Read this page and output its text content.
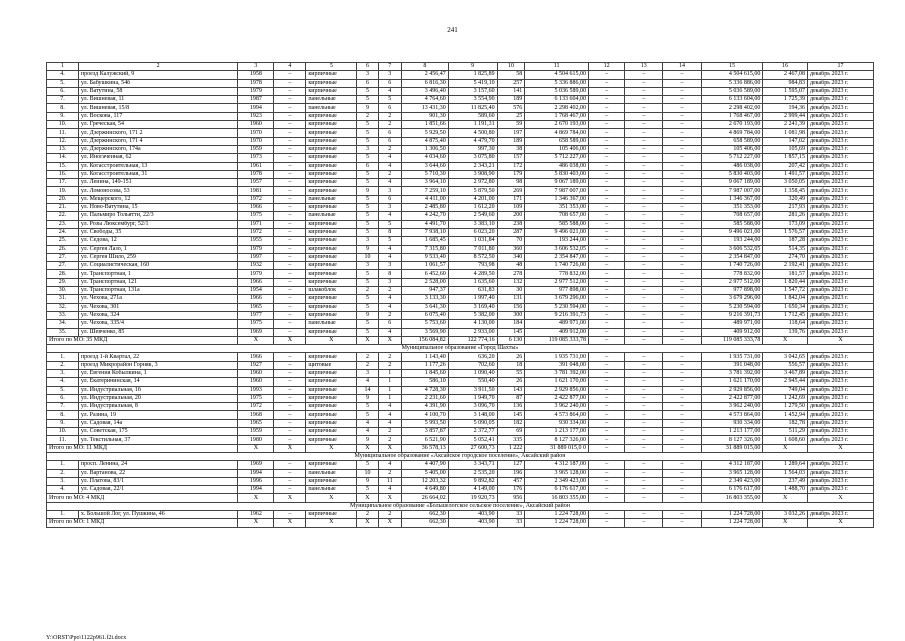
241
1	2	3	4	5	6	7	8	9	10	11	12	13	14	15	16	17
4.	проезд Калужский, 9	1958	–	кирпичные	3	3	2 456,47	1 825,89	58	4 504 615,00	–	–	–	4 504 615,00	2 467,08	декабрь 2023 г.
5.	ул. Бабушкина, 54б	1978	–	кирпичные	6	6	6 816,30	5 419,10	257	5 336 886,00	–	–	–	5 336 886,00	984,83	декабрь 2023 г.
6.	ул. Ватутина, 58	1979	–	кирпичные	5	4	3 496,40	3 157,60	141	5 036 589,00	–	–	–	5 036 589,00	1 595,07	декабрь 2023 г.
7.	ул. Вишневая, 11	1987	–	панельные	5	5	4 764,60	3 554,90	189	6 133 604,00	–	–	–	6 133 604,00	1 725,39	декабрь 2023 г.
8.	ул. Вишневая, 15/8	1994	–	панельные	9	6	13 431,30	11 825,40	576	2 298 402,00	–	–	–	2 298 402,00	194,36	декабрь 2023 г.
9.	ул. Воскова, 117	1923	–	кирпичные	2	2	901,30	589,60	25	1 768 467,00	–	–	–	1 768 467,00	2 999,44	декабрь 2023 г.
10.	ул. Греческая, 54	1960	–	кирпичные	5	2	1 851,66	1 191,31	59	2 670 193,00	–	–	–	2 670 193,00	2 241,39	декабрь 2023 г.
11.	ул. Дзержинского, 171 2	1970	–	кирпичные	5	6	5 929,50	4 500,80	197	4 869 784,00	–	–	–	4 869 784,00	1 081,98	декабрь 2023 г.
12.	ул. Дзержинского, 171 4	1970	–	кирпичные	5	6	4 875,40	4 479,70	189	658 589,00	–	–	–	658 589,00	147,02	декабрь 2023 г.
13.	ул. Дзержинского, 174a	1959	–	кирпичные	3	2	1 306,50	997,30	38	105 406,00	–	–	–	105 406,00	105,69	декабрь 2023 г.
14.	ул. Иногаченная, 62	1973	–	кирпичные	5	4	4 034,60	3 075,80	157	5 712 227,00	–	–	–	5 712 227,00	1 857,15	декабрь 2023 г.
15.	ул. Когасстроительная, 13	1961	–	кирпичные	6	4	3 644,60	2 343,21	172	486 038,00	–	–	–	486 038,00	207,42	декабрь 2023 г.
16.	ул. Когасстроительная, 31	1978	–	кирпичные	5	2	5 710,30	3 908,90	179	5 830 403,00	–	–	–	5 830 403,00	1 491,57	декабрь 2023 г.
17.	ул. Ленина, 149-151	1957	–	кирпичные	5	4	3 964,10	2 972,80	98	9 067 189,00	–	–	–	9 067 189,00	3 050,05	декабрь 2023 г.
19.	ул. Ломоносова, 53	1981	–	кирпичные	9	3	7 259,10	5 879,50	269	7 987 007,00	–	–	–	7 987 007,00	1 358,45	декабрь 2023 г.
20.	ул. Мещерского, 12	1972	–	панельные	5	6	4 411,00	4 201,00	171	1 346 367,00	–	–	–	1 346 367,00	320,49	декабрь 2023 г.
21.	ул. Ново-Ватутина, 15	1966	–	кирпичные	5	3	2 485,80	1 612,20	109	351 353,00	–	–	–	351 353,00	217,93	декабрь 2023 г.
22.	ул. Пальмиро Тольятти, 22/3	1975	–	панельные	5	4	4 242,70	2 549,60	200	708 657,00	–	–	–	708 657,00	281,26	декабрь 2023 г.
23.	ул. Розы Люксембург, 52/1	1971	–	кирпичные	5	5	4 491,70	3 383,10	238	585 588,00	–	–	–	585 588,00	173,09	декабрь 2023 г.
24.	ул. Свободы, 35	1972	–	кирпичные	5	8	7 938,10	6 023,20	287	9 496 021,00	–	–	–	9 496 021,00	1 576,57	декабрь 2023 г.
25.	ул. Седова, 12	1955	–	кирпичные	3	5	1 685,45	1 031,84	70	193 244,00	–	–	–	193 244,00	187,28	декабрь 2023 г.
26.	ул. Сергея Лазо, 1	1979	–	кирпичные	9	4	7 315,80	7 011,80	360	3 606 532,05	–	–	–	3 606 532,05	514,35	декабрь 2023 г.
27.	ул. Сергея Шило, 259	1997	–	кирпичные	10	4	9 533,40	8 572,50	340	2 354 847,00	–	–	–	2 354 847,00	274,70	декабрь 2023 г.
27.	ул. Социалистическая, 160	1932	–	кирпичные	3	3	1 061,57	793,98	48	1 740 726,00	–	–	–	1 740 726,00	2 192,41	декабрь 2023 г.
28.	ул. Транспортная, 1	1979	–	кирпичные	5	8	6 452,60	4 289,50	278	778 832,00	–	–	–	778 832,00	181,57	декабрь 2023 г.
29.	ул. Транспортная, 121	1966	–	кирпичные	5	3	2 528,00	1 635,60	132	2 977 512,00	–	–	–	2 977 512,00	1 820,44	декабрь 2023 г.
30.	ул. Транспортная, 131a	1954	–	шлакоблок	2	2	947,37	631,83	30	977 898,00	–	–	–	977 898,00	1 547,72	декабрь 2023 г.
31.	ул. Чехова, 271a	1966	–	кирпичные	5	4	3 133,30	1 997,40	131	3 679 296,00	–	–	–	3 679 296,00	1 842,04	декабрь 2023 г.
32.	ул. Чехова, 301	1965	–	кирпичные	5	4	3 641,30	3 169,40	156	5 230 594,00	–	–	–	5 230 594,00	1 650,34	декабрь 2023 г.
33.	ул. Чехова, 324	1977	–	кирпичные	9	2	6 075,40	5 382,00	300	9 216 391,73	–	–	–	9 216 391,73	1 712,45	декабрь 2023 г.
34.	ул. Чехова, 335/4	1975	–	панельные	5	6	5 753,60	4 130,00	184	489 971,00	–	–	–	489 971,00	118,64	декабрь 2023 г.
35.	ул. Шевченко, 85	1969	–	кирпичные	5	4	3 569,90	2 933,00	145	409 912,00	–	–	–	409 912,00	139,76	декабрь 2023 г.
Итого по МО: 35 МКД		X	X	X	X	X	156 084,82	122 774,16	6 130	119 085 333,78	–	–	–	119 085 333,78	X	X
Муниципальное образование «Город Шахты»																
1.	проезд 1-й Квартал, 22	1966	–	кирпичные	2	2	1 143,40	636,20	26	1 935 731,00	–	–	–	1 935 731,00	3 042,65	декабрь 2023 г.
2.	проезд Микрорайон Горняк, 3	1927	–	щитовые	2	2	1 177,26	702,60	18	391 048,00	–	–	–	391 048,00	556,57	декабрь 2023 г.
3.	ул. Евгения Кобылкина, 1	1960	–	кирпичные	3	1	1 845,60	1 090,40	55	3 781 392,00	–	–	–	3 781 392,00	3 467,89	декабрь 2023 г.
4.	ул. Екатерининская, 14	1960	–	кирпичные	4	1	586,10	550,40	26	1 621 170,00	–	–	–	1 621 170,00	2 945,44	декабрь 2023 г.
5.	ул. Индустриальная, 1б	1993	–	кирпичные	14	1	4 728,30	3 911,50	143	2 929 856,00	–	–	–	2 929 856,00	749,04	декабрь 2023 г.
6.	ул. Индустриальная, 20	1975	–	кирпичные	9	1	2 231,60	1 949,70	87	2 422 877,00	–	–	–	2 422 877,00	1 242,69	декабрь 2023 г.
7.	ул. Индустриальная, 8	1972	–	кирпичные	5	4	4 391,90	3 096,70	136	3 962 240,00	–	–	–	3 962 240,00	1 279,50	декабрь 2023 г.
8.	ул. Разина, 19	1968	–	кирпичные	5	4	4 100,70	3 148,00	145	4 573 864,00	–	–	–	4 573 864,00	1 452,94	декабрь 2023 г.
9.	ул. Садовая, 14a	1965	–	кирпичные	4	4	5 993,50	5 090,05	182	930 334,00	–	–	–	930 334,00	182,78	декабрь 2023 г.
10.	ул. Советская, 175	1959	–	кирпичные	4	2	3 857,87	2 372,77	69	1 213 177,00	–	–	–	1 213 177,00	511,29	декабрь 2023 г.
11.	ул. Текстильная, 37	1980	–	кирпичные	9	2	6 521,90	5 052,41	335	8 127 326,00	–	–	–	8 127 326,00	1 608,60	декабрь 2023 г.
Итого по МО: 11 МКД		X	X	X	X	X	36 578,13	27 600,73	1 222	31 889 015,0 0	–	–	–	31 889 015,00	X	X
Муниципальное образование «Аксайское городское поселение», Аксайский район																
1.	просп. Ленина, 24	1969	–	кирпичные	5	4	4 407,90	3 343,71	127	4 312 187,00	–	–	–	4 312 187,00	1 289,64	декабрь 2023 г.
2.	ул. Вартанова, 22	1994	–	панельные	10	2	5 405,00	2 535,20	196	3 965 128,00	–	–	–	3 965 128,00	1 564,03	декабрь 2023 г.
3.	ул. Платова, 83/1	1996	–	кирпичные	9	11	12 203,32	9 892,82	457	2 349 423,00	–	–	–	2 349 423,00	237,49	декабрь 2023 г.
4.	ул. Садовая, 22/1	1994	–	панельные	5	4	4 649,80	4 149,00	176	6 176 617,00	–	–	–	6 176 617,00	1 488,70	декабрь 2023 г.
Итого по МО: 4 МКД		X	X	X	X	X	26 664,02	19 920,73	956	16 803 355,00	–	–	–	16 803 355,00	X	X
Муниципальное образование «Большелогское сельское поселение», Аксайский район																
1.	х. Большой Лог, ул. Пушкина, 46	1962	–	кирпичные	2	2	662,30	403,90	33	1 224 728,00	–	–	–	1 224 728,00	3 032,26	декабрь 2023 г.
Итого по МО: 1 МКД		X	X	X	X	X	662,30	403,90	33	1 224 728,00	–	–	–	1 224 728,00	X	X
Y:\ORST\Ppo\1122p961.f2i.docx
